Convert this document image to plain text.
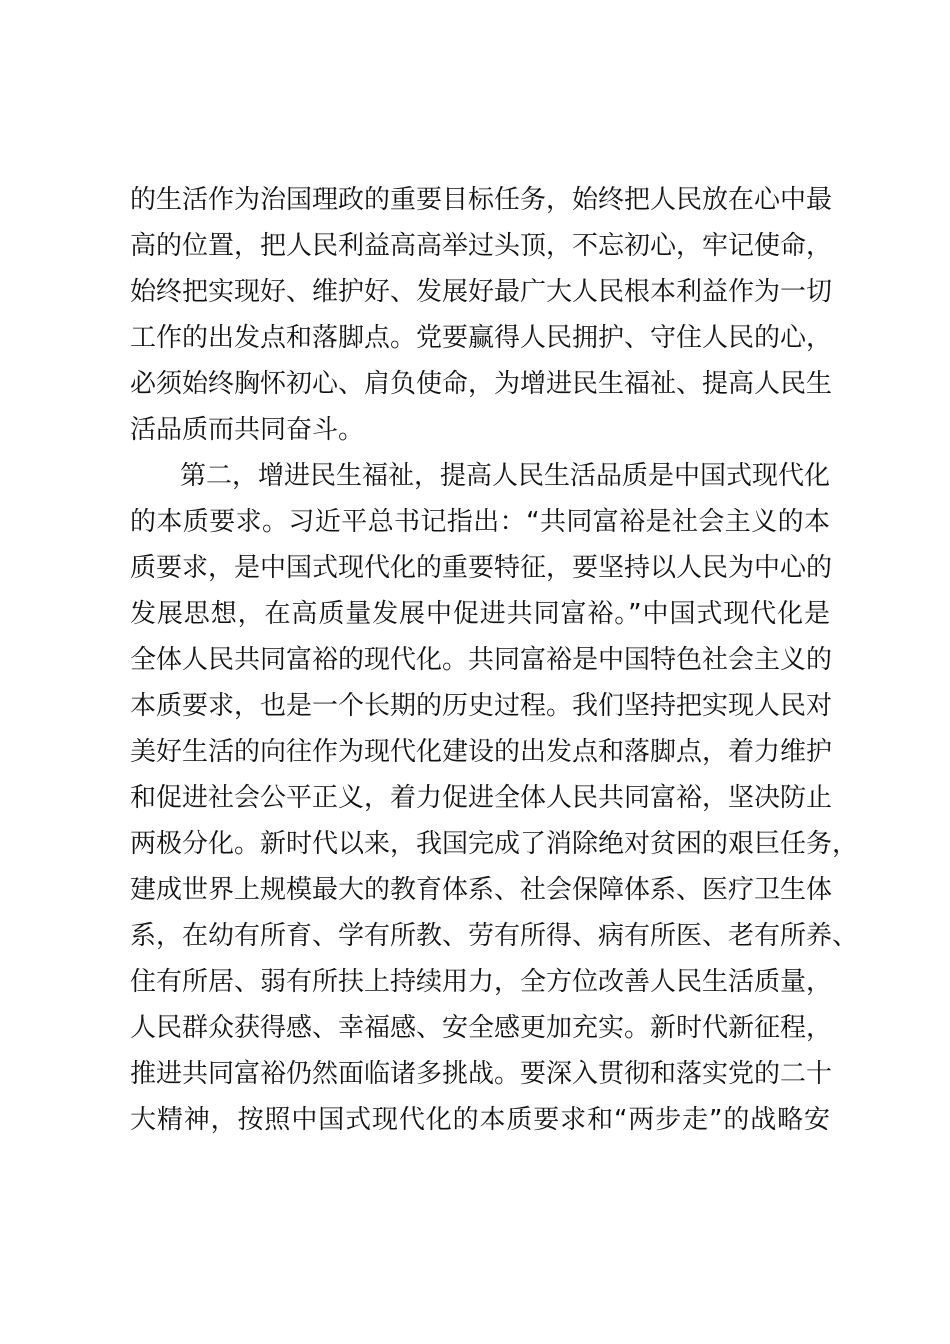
的生活作为治国理政的重要目标任务，始终把人民放在心中最
高的位置，把人民利益高高举过头顶，不忘初心，牢记使命，
始终把实现好、维护好、发展好最广大人民根本利益作为一切
工作的出发点和落脚点。党要赢得人民拥护、守住人民的心，
必须始终胸怀初心、肩负使命，为增进民生福祉、提高人民生
活品质而共同奋斗。
第二，增进民生福祉，提高人民生活品质是中国式现代化
的本质要求。习近平总书记指出：“共同富裕是社会主义的本
质要求，是中国式现代化的重要特征，要坚持以人民为中心的
发展思想，在高质量发展中促进共同富裕。”中国式现代化是
全体人民共同富裕的现代化。共同富裕是中国特色社会主义的
本质要求，也是一个长期的历史过程。我们坚持把实现人民对
美好生活的向往作为现代化建设的出发点和落脚点，着力维护
和促进社会公平正义，着力促进全体人民共同富裕，坚决防止
两极分化。新时代以来，我国完成了消除绝对贫困的艰巨任务，
建成世界上规模最大的教育体系、社会保障体系、医疗卫生体
系，在幼有所育、学有所教、劳有所得、病有所医、老有所养、
住有所居、弱有所扶上持续用力，全方位改善人民生活质量，
人民群众获得感、幸福感、安全感更加充实。新时代新征程，
推进共同富裕仍然面临诸多挑战。要深入贯彻和落实党的二十
大精神，按照中国式现代化的本质要求和“两步走”的战略安
